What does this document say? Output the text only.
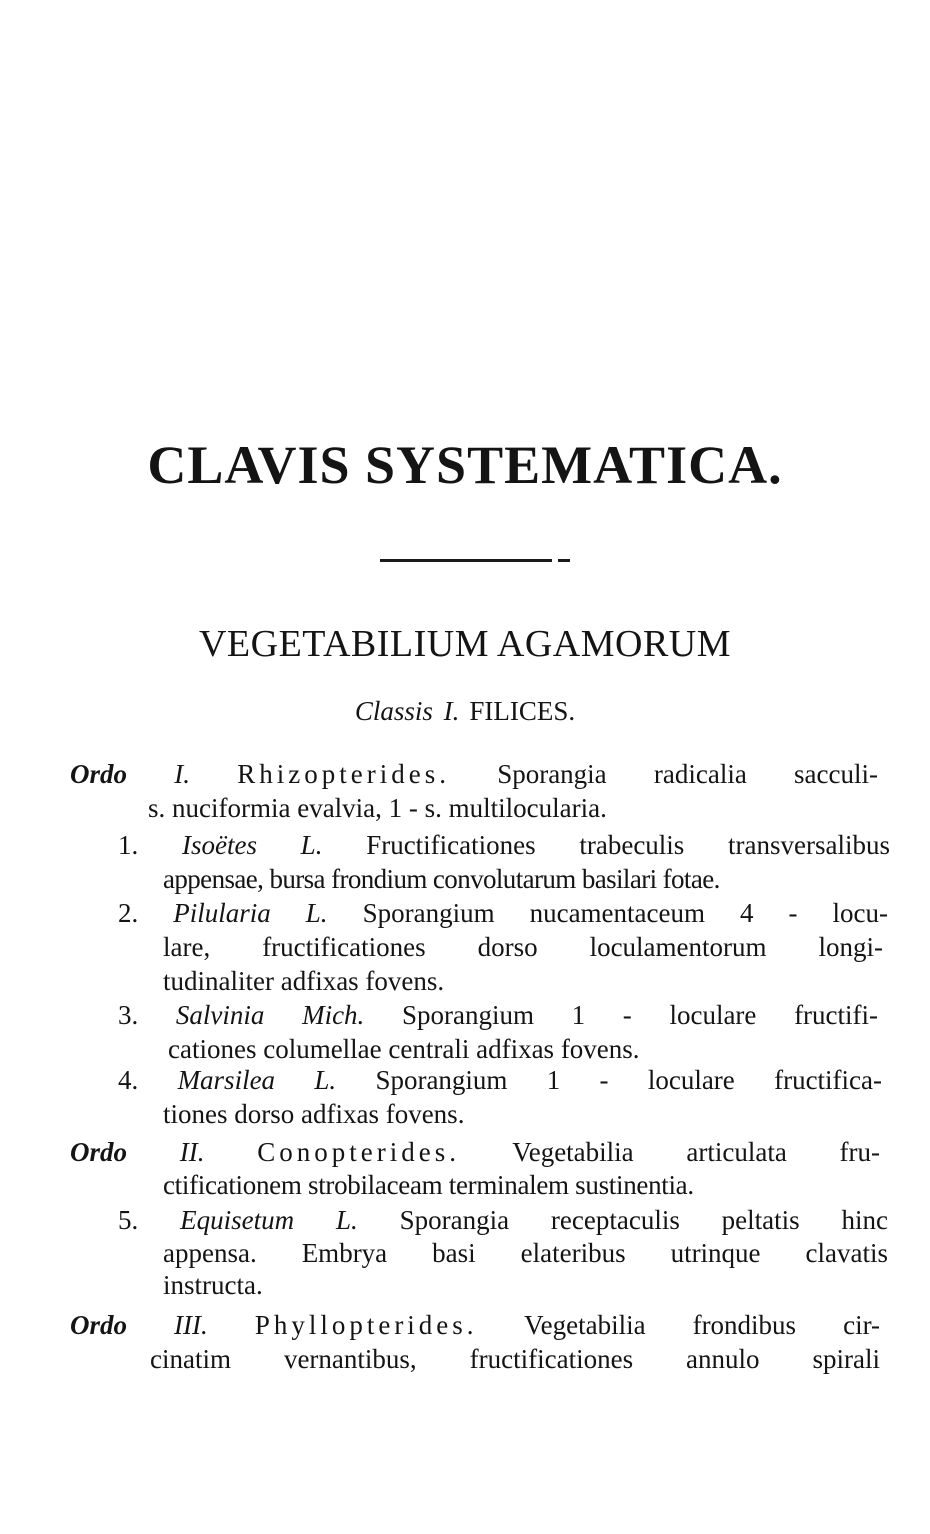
CLAVIS SYSTEMATICA.
VEGETABILIUM AGAMORUM
Classis I. FILICES.
Ordo I. Rhizopterides. Sporangia radicalia sacculi-
s. nuciformia evalvia, 1 - s. multilocularia.
1. Isoëtes L. Fructificationes trabeculis transversalibus
appensae, bursa frondium convolutarum basilari fotae.
2. Pilularia L. Sporangium nucamentaceum 4 - locu-
lare, fructificationes dorso loculamentorum longi-
tudinaliter adfixas fovens.
3. Salvinia Mich. Sporangium 1 - loculare fructifi-
cationes columellae centrali adfixas fovens.
4. Marsilea L. Sporangium 1 - loculare fructifica-
tiones dorso adfixas fovens.
Ordo II. Conopterides. Vegetabilia articulata fru-
ctificationem strobilaceam terminalem sustinentia.
5. Equisetum L. Sporangia receptaculis peltatis hinc
appensa. Embrya basi elateribus utrinque clavatis
instructa.
Ordo III. Phyllopterides. Vegetabilia frondibus cir-
cinatim vernantibus, fructificationes annulo spirali
